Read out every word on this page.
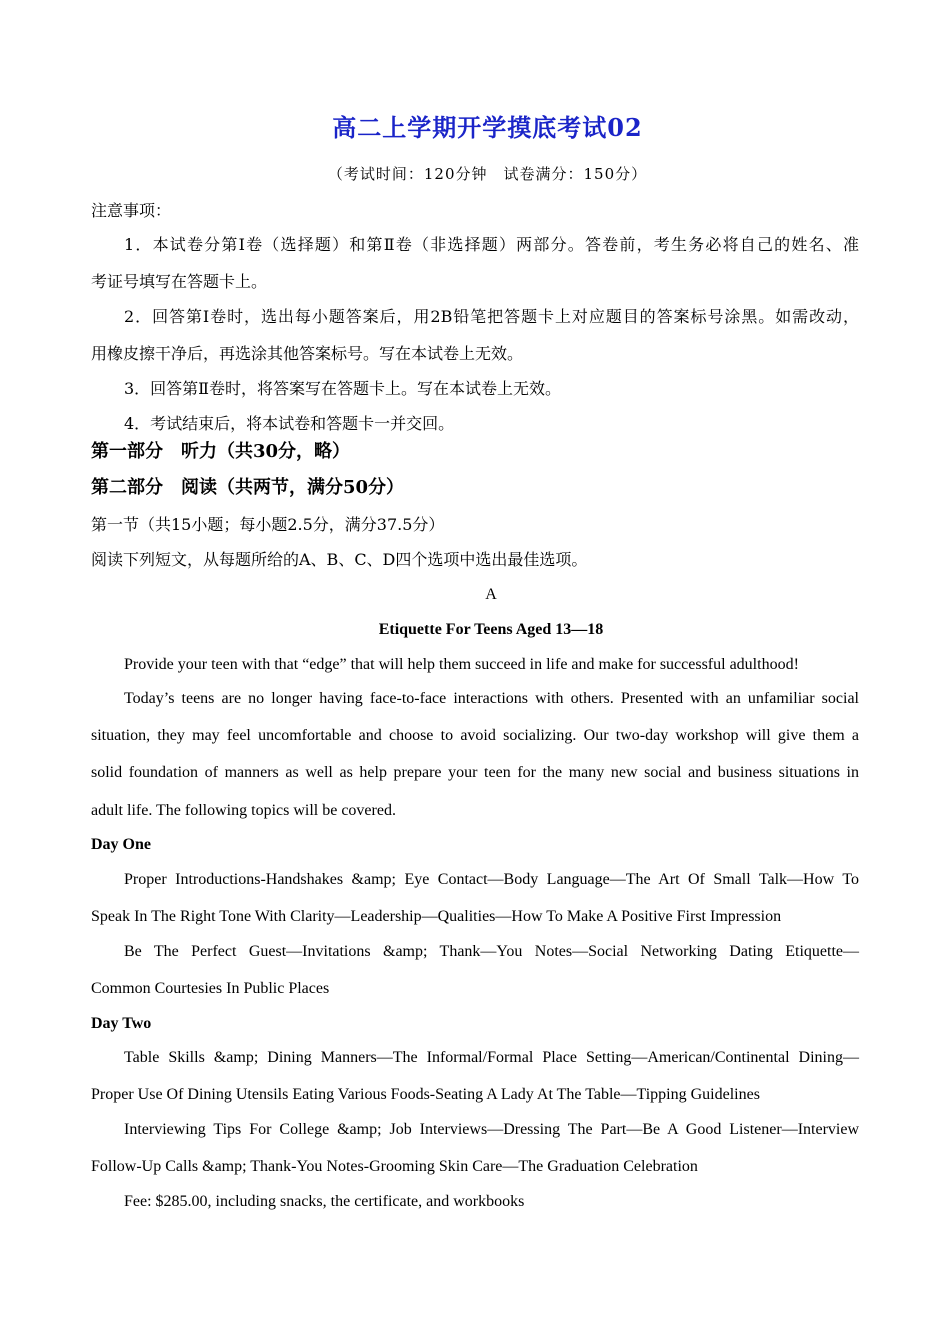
高二上学期开学摸底考试02
（考试时间：120分钟　试卷满分：150分）
注意事项：
1．本试卷分第Ⅰ卷（选择题）和第Ⅱ卷（非选择题）两部分。答卷前，考生务必将自己的姓名、准
考证号填写在答题卡上。
2．回答第Ⅰ卷时，选出每小题答案后，用2B铅笔把答题卡上对应题目的答案标号涂黑。如需改动，
用橡皮擦干净后，再选涂其他答案标号。写在本试卷上无效。
3．回答第Ⅱ卷时，将答案写在答题卡上。写在本试卷上无效。
4．考试结束后，将本试卷和答题卡一并交回。
第一部分　听力（共30分，略）
第二部分　阅读（共两节，满分50分）
第一节（共15小题；每小题2.5分，满分37.5分）
阅读下列短文，从每题所给的A、B、C、D四个选项中选出最佳选项。
A
Etiquette For Teens Aged 13—18
Provide your teen with that “edge” that will help them succeed in life and make for successful adulthood!
Today’s teens are no longer having face-to-face interactions with others. Presented with an unfamiliar social
situation, they may feel uncomfortable and choose to avoid socializing. Our two-day workshop will give them a
solid foundation of manners as well as help prepare your teen for the many new social and business situations in
adult life. The following topics will be covered.
Day One
Proper Introductions-Handshakes &amp; Eye Contact—Body Language—The Art Of Small Talk—How To
Speak In The Right Tone With Clarity—Leadership—Qualities—How To Make A Positive First Impression
Be The Perfect Guest—Invitations &amp; Thank—You Notes—Social Networking Dating Etiquette—
Common Courtesies In Public Places
Day Two
Table Skills &amp; Dining Manners—The Informal/Formal Place Setting—American/Continental Dining—
Proper Use Of Dining Utensils Eating Various Foods-Seating A Lady At The Table—Tipping Guidelines
Interviewing Tips For College &amp; Job Interviews—Dressing The Part—Be A Good Listener—Interview
Follow-Up Calls &amp; Thank-You Notes-Grooming Skin Care—The Graduation Celebration
Fee: $285.00, including snacks, the certificate, and workbooks
